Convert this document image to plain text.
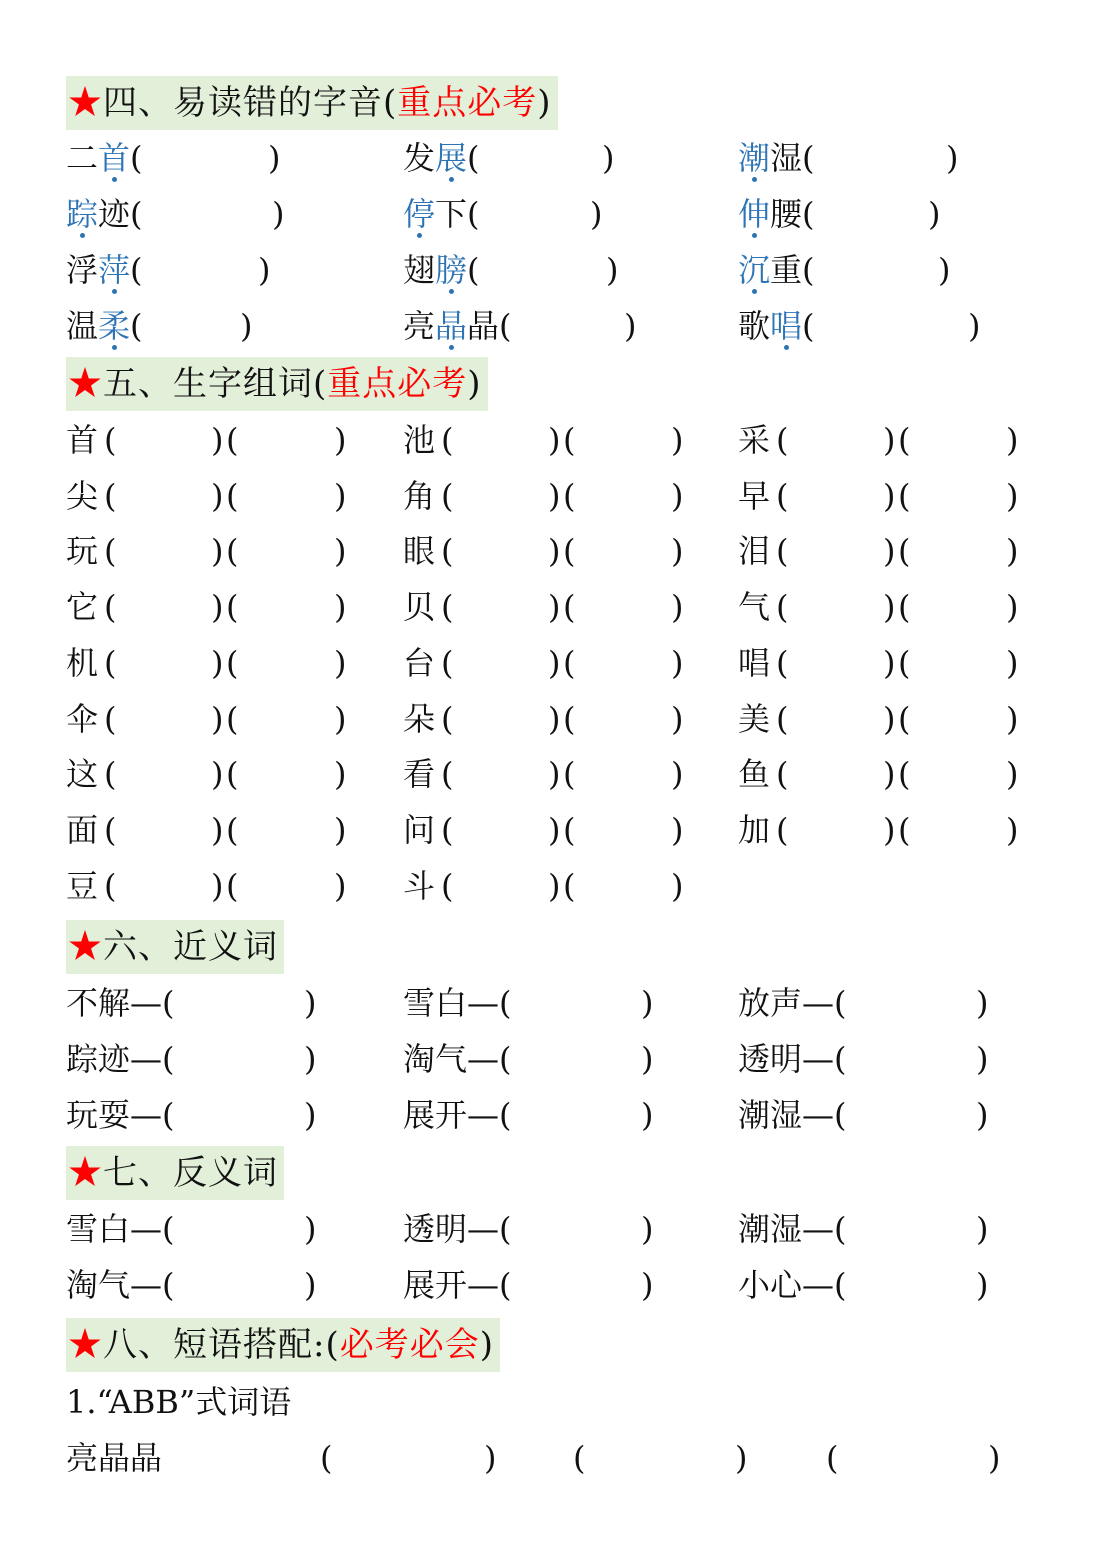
★四、易读错的字音(重点必考)
二首(	)	发展(	)	潮湿(	)
踪迹(	)	停下(	)	伸腰(	)
浮萍(	)	翅膀(	)	沉重(	)
温柔(	)	亮晶晶(	)	歌唱(	)
★五、生字组词(重点必考)
首 (	) (	) 池 (	) (	) 采 (	) (	)
尖 (	) (	) 角 (	) (	) 早 (	) (	)
玩 (	) (	) 眼 (	) (	) 泪 (	) (	)
它 (	) (	) 贝 (	) (	) 气 (	) (	)
机 (	) (	) 台 (	) (	) 唱 (	) (	)
伞 (	) (	) 朵 (	) (	) 美 (	) (	)
这 (	) (	) 看 (	) (	) 鱼 (	) (	)
面 (	) (	) 问 (	) (	) 加 (	) (	)
豆 (	) (	) 斗 (	) (	)
★六、近义词
不解—(	)	雪白—(	)	放声—(	)
踪迹—(	)	淘气—(	)	透明—(	)
玩耍—(	)	展开—(	)	潮湿—(	)
★七、反义词
雪白—(	)	透明—(	)	潮湿—(	)
淘气—(	)	展开—(	)	小心—(	)
★八、短语搭配:(必考必会)
1.“ABB”式词语
亮晶晶	(	) (	) (	)
